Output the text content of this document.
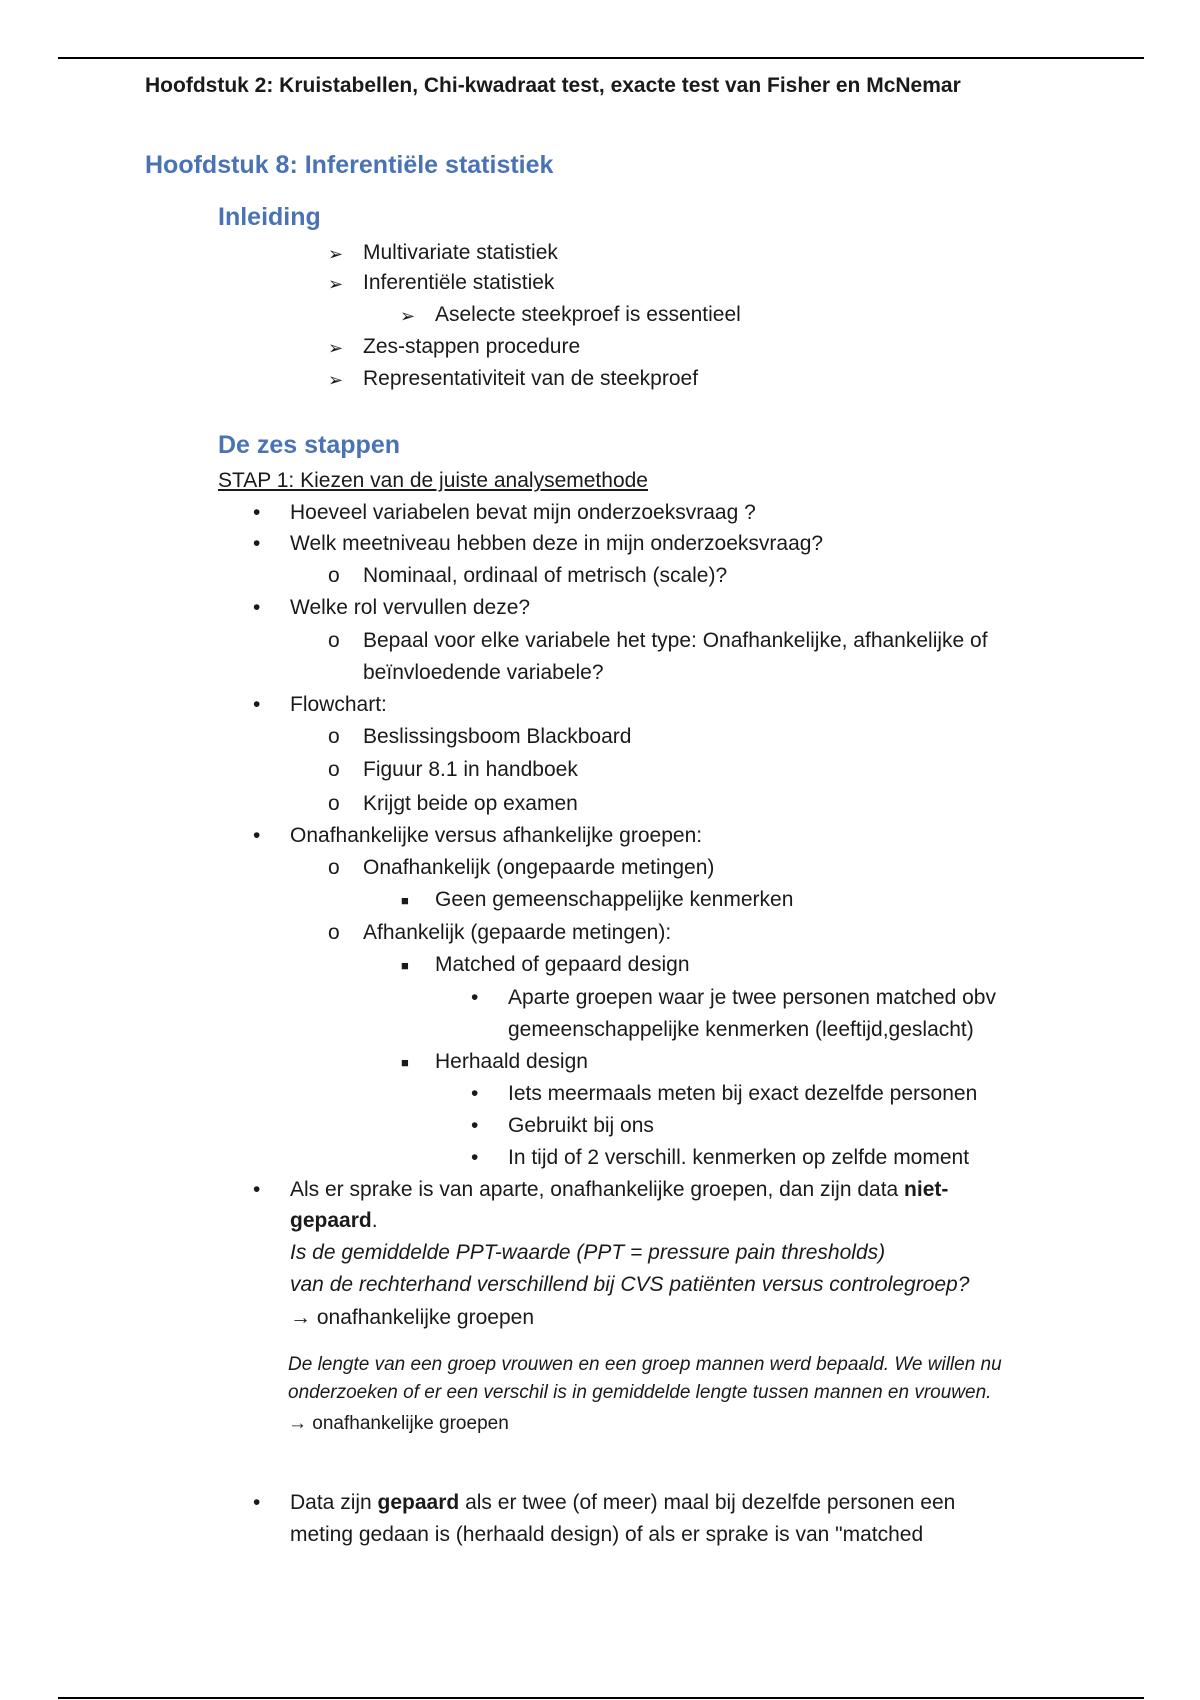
Hoofdstuk 2: Kruistabellen, Chi-kwadraat test, exacte test van Fisher en McNemar
Hoofdstuk 8: Inferentiële statistiek
Inleiding
➢ Multivariate statistiek
➢ Inferentiële statistiek
➢ Aselecte steekproef is essentieel
➢ Zes-stappen procedure
➢ Representativiteit van de steekproef
De zes stappen
STAP 1: Kiezen van de juiste analysemethode
• Hoeveel variabelen bevat mijn onderzoeksvraag ?
• Welk meetniveau hebben deze in mijn onderzoeksvraag?
o Nominaal, ordinaal of metrisch (scale)?
• Welke rol vervullen deze?
o Bepaal voor elke variabele het type: Onafhankelijke, afhankelijke of
beïnvloedende variabele?
• Flowchart:
o Beslissingsboom Blackboard
o Figuur 8.1 in handboek
o Krijgt beide op examen
• Onafhankelijke versus afhankelijke groepen:
o Onafhankelijk (ongepaarde metingen)
■ Geen gemeenschappelijke kenmerken
o Afhankelijk (gepaarde metingen):
■ Matched of gepaard design
• Aparte groepen waar je twee personen matched obv
gemeenschappelijke kenmerken (leeftijd,geslacht)
■ Herhaald design
• Iets meermaals meten bij exact dezelfde personen
• Gebruikt bij ons
• In tijd of 2 verschill. kenmerken op zelfde moment
• Als er sprake is van aparte, onafhankelijke groepen, dan zijn data niet-
gepaard.
Is de gemiddelde PPT-waarde (PPT = pressure pain thresholds)
van de rechterhand verschillend bij CVS patiënten versus controlegroep?
→ onafhankelijke groepen
De lengte van een groep vrouwen en een groep mannen werd bepaald. We willen nu
onderzoeken of er een verschil is in gemiddelde lengte tussen mannen en vrouwen.
→ onafhankelijke groepen
• Data zijn gepaard als er twee (of meer) maal bij dezelfde personen een
meting gedaan is (herhaald design) of als er sprake is van "matched
